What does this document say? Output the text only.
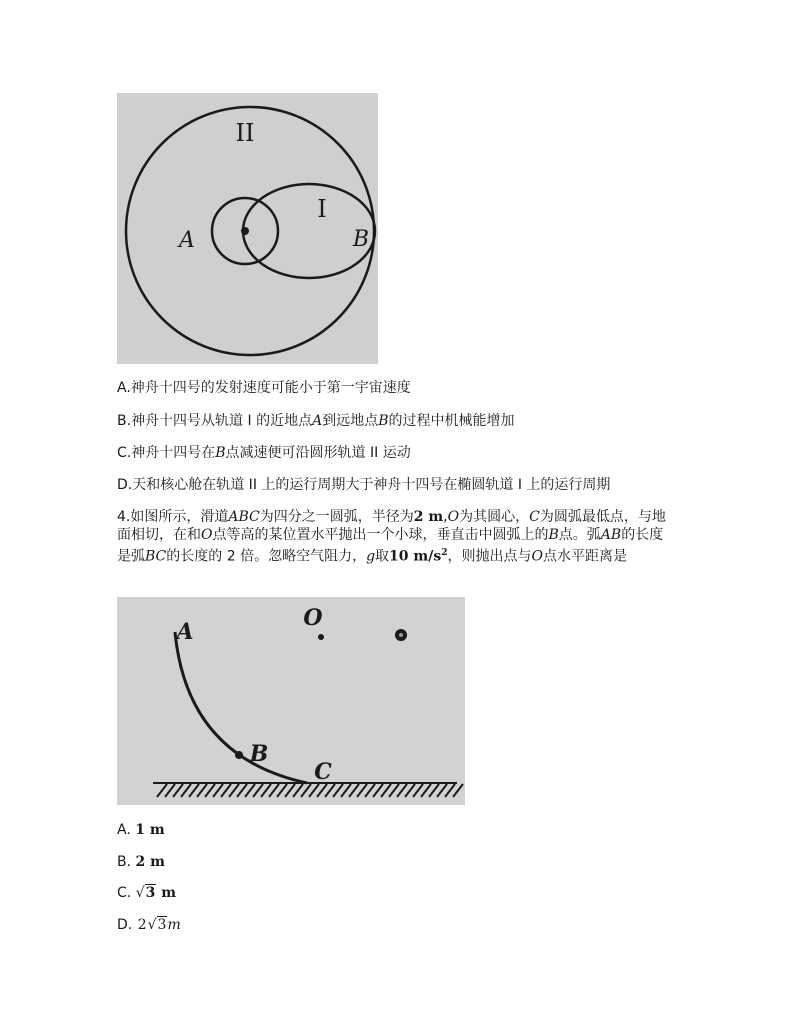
II
I
A	B
A.神舟十四号的发射速度可能小于第一宇宙速度
B.神舟十四号从轨道 I 的近地点A到远地点B的过程中机械能增加
C.神舟十四号在B点减速便可沿圆形轨道 II 运动
D.天和核心舱在轨道 II 上的运行周期大于神舟十四号在椭圆轨道 I 上的运行周期
4.如图所示，滑道ABC为四分之一圆弧，半径为2 m,O为其圆心，C为圆弧最低点，与地面相切，在和O点等高的某位置水平抛出一个小球，垂直击中圆弧上的B点。弧AB的长度是弧BC的长度的 2 倍。忽略空气阻力，g取10 $m/s^2$，则抛出点与O点水平距离是
A
O
B
C
A. 1 m
B. 2 m
C. √3 m
D. 2√3m
